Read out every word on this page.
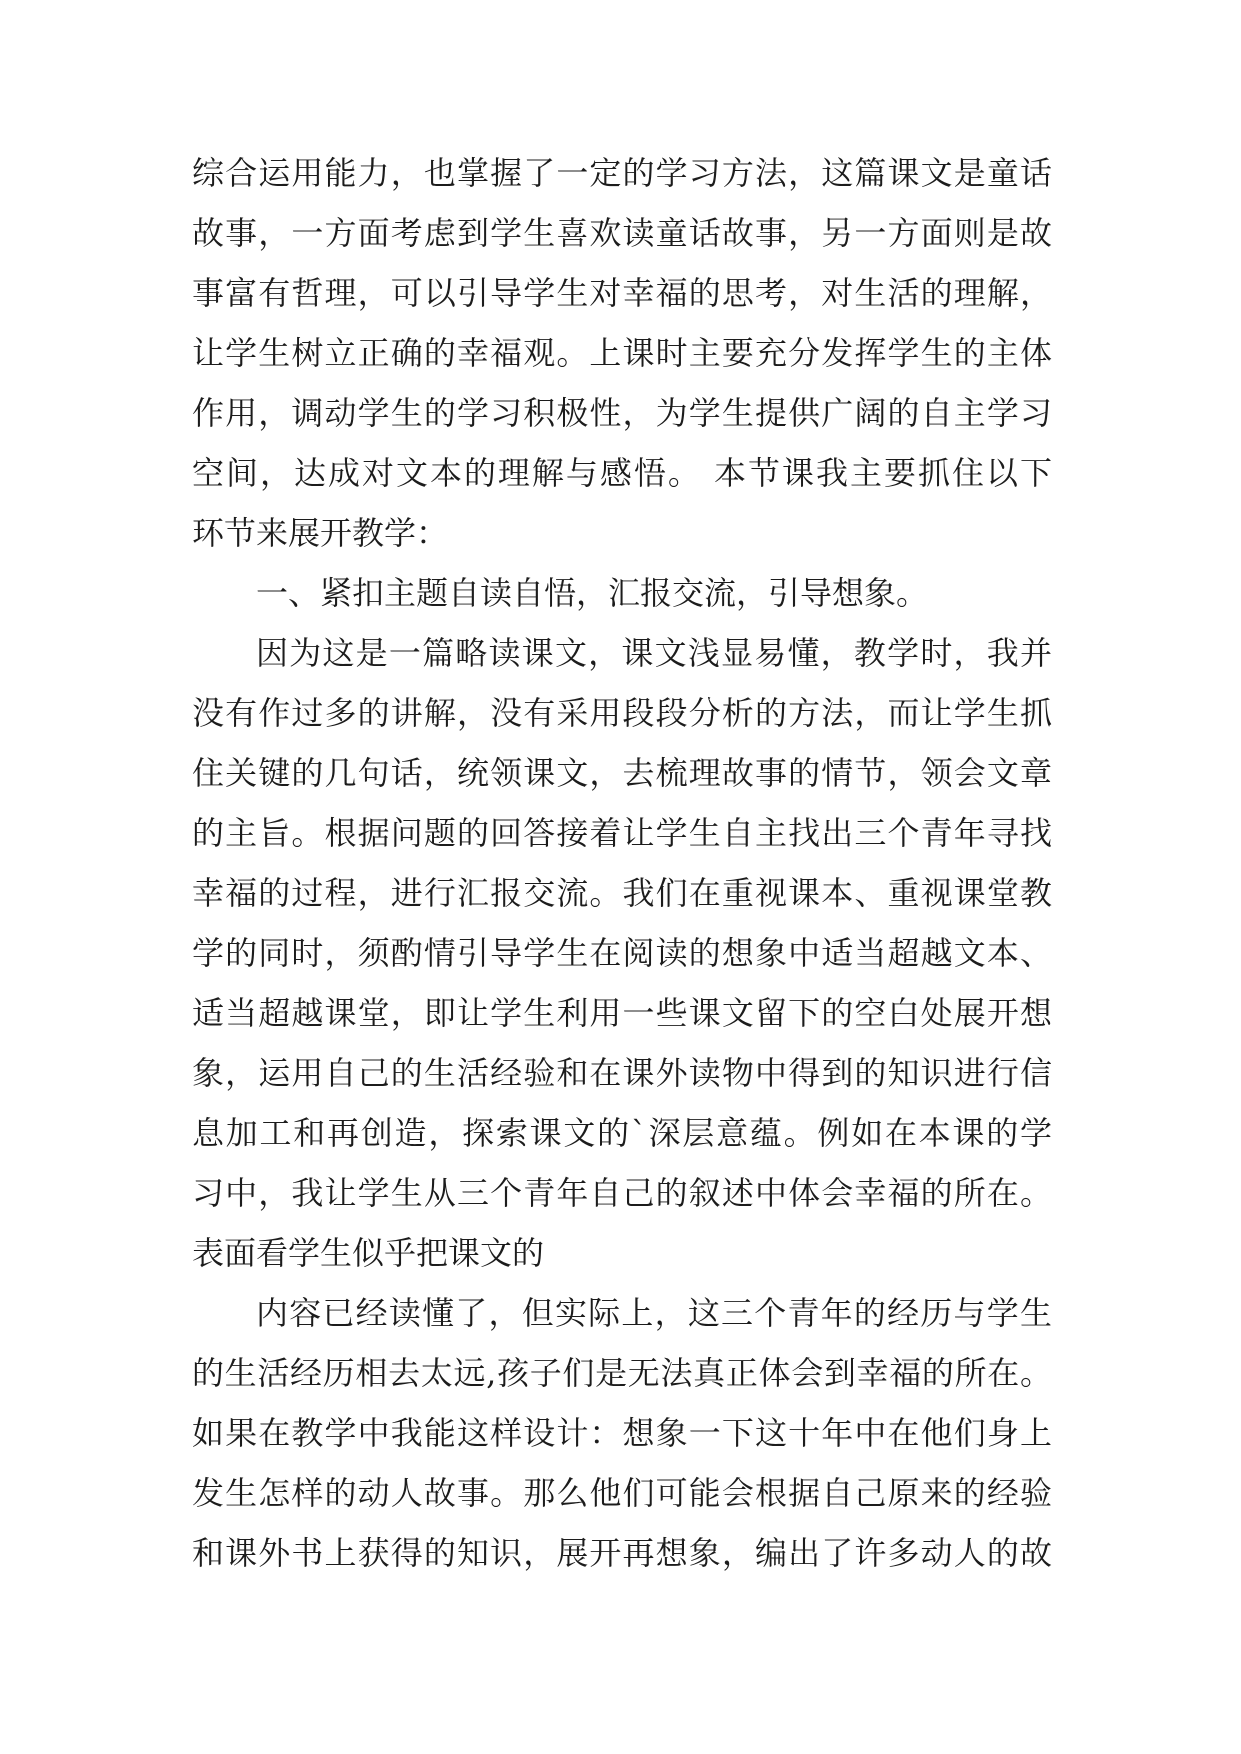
综合运用能力，也掌握了一定的学习方法，这篇课文是童话
故事，一方面考虑到学生喜欢读童话故事，另一方面则是故
事富有哲理，可以引导学生对幸福的思考，对生活的理解，
让学生树立正确的幸福观。上课时主要充分发挥学生的主体
作用，调动学生的学习积极性，为学生提供广阔的自主学习
空间，达成对文本的理解与感悟。 本节课我主要抓住以下
环节来展开教学：
一、紧扣主题自读自悟，汇报交流，引导想象。
因为这是一篇略读课文，课文浅显易懂，教学时，我并
没有作过多的讲解，没有采用段段分析的方法，而让学生抓
住关键的几句话，统领课文，去梳理故事的情节，领会文章
的主旨。根据问题的回答接着让学生自主找出三个青年寻找
幸福的过程，进行汇报交流。我们在重视课本、重视课堂教
学的同时，须酌情引导学生在阅读的想象中适当超越文本、
适当超越课堂，即让学生利用一些课文留下的空白处展开想
象，运用自己的生活经验和在课外读物中得到的知识进行信
息加工和再创造，探索课文的`深层意蕴。例如在本课的学
习中，我让学生从三个青年自己的叙述中体会幸福的所在。
表面看学生似乎把课文的
内容已经读懂了，但实际上，这三个青年的经历与学生
的生活经历相去太远,孩子们是无法真正体会到幸福的所在。
如果在教学中我能这样设计：想象一下这十年中在他们身上
发生怎样的动人故事。那么他们可能会根据自己原来的经验
和课外书上获得的知识，展开再想象，编出了许多动人的故
